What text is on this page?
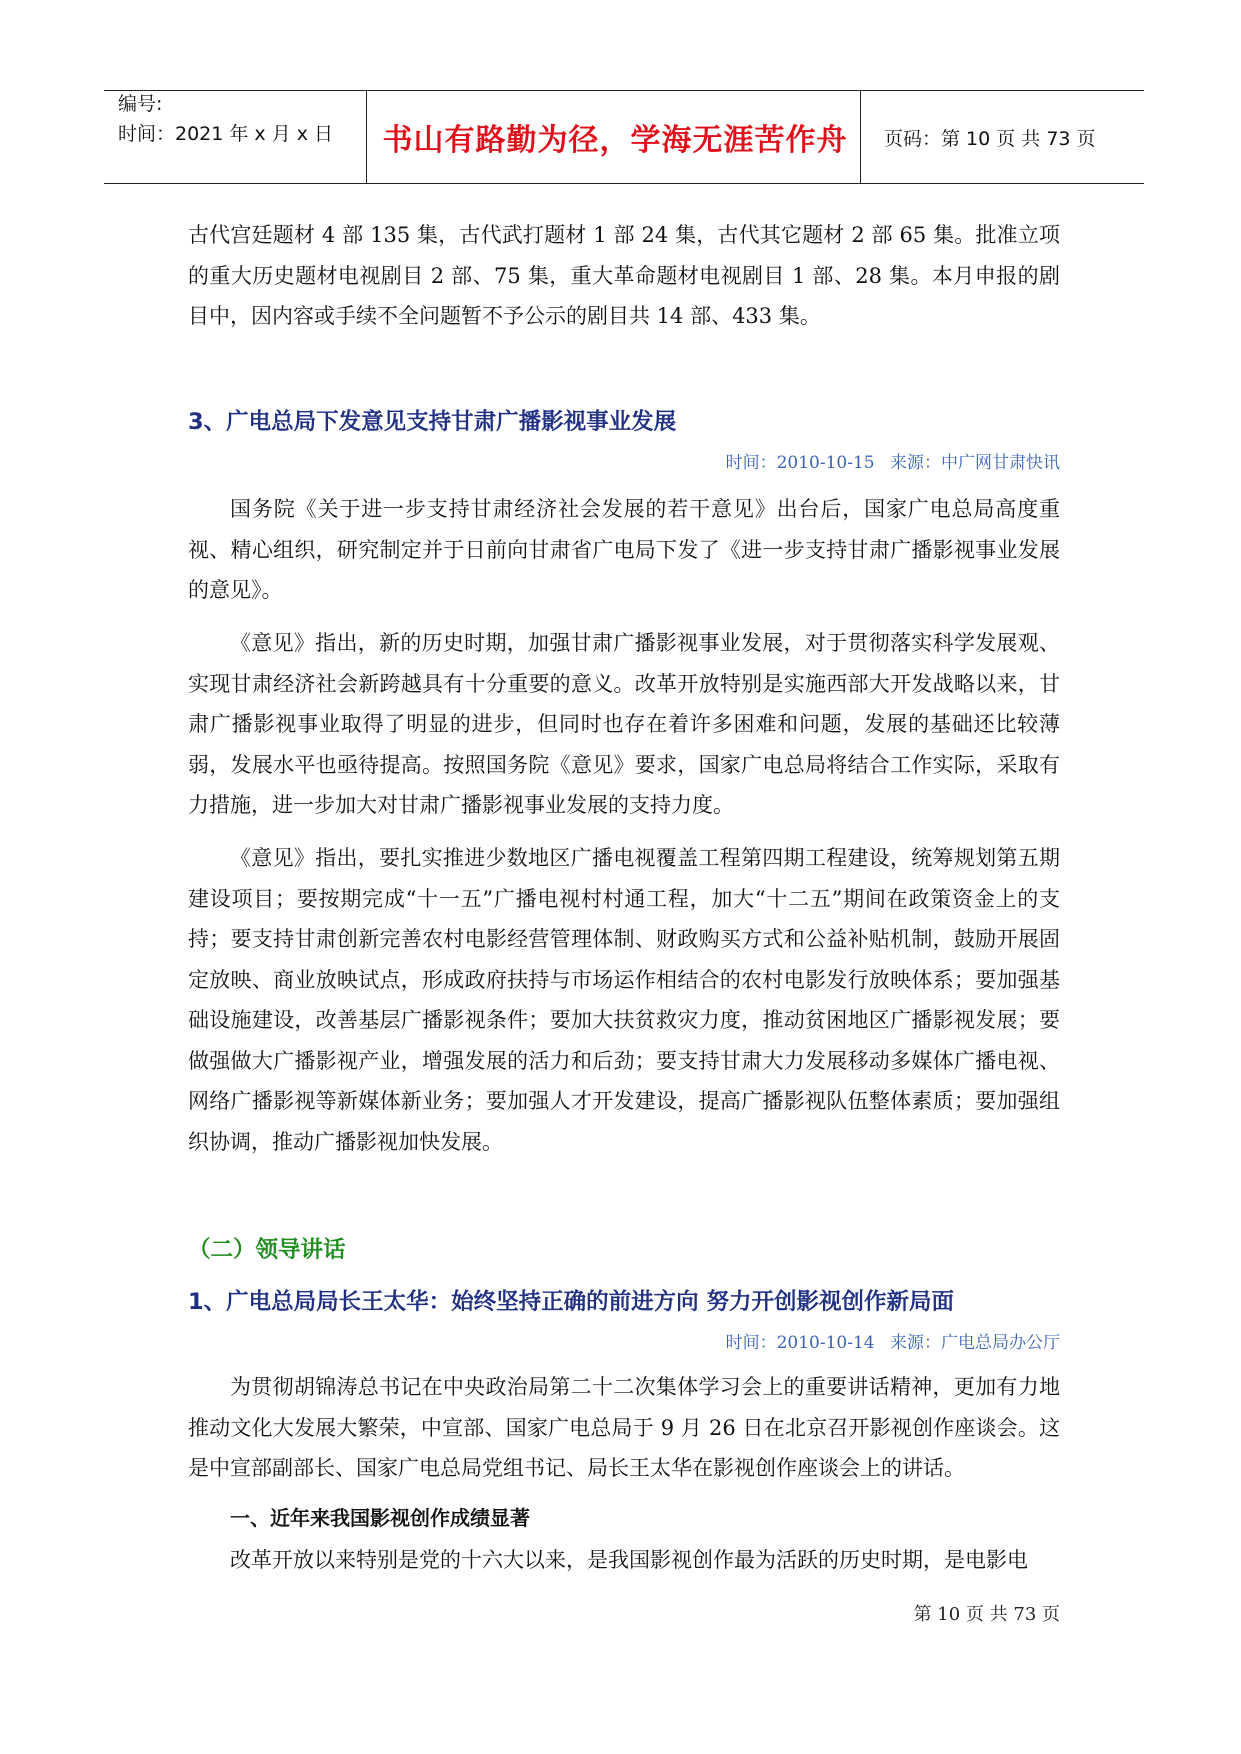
编号:
时间：2021 年 x 月 x 日	书山有路勤为径，学海无涯苦作舟	页码：第 10 页 共 73 页
古代宫廷题材 4 部 135 集，古代武打题材 1 部 24 集，古代其它题材 2 部 65 集。批准立项的重大历史题材电视剧目 2 部、75 集，重大革命题材电视剧目 1 部、28 集。本月申报的剧目中，因内容或手续不全问题暂不予公示的剧目共 14 部、433 集。
3、广电总局下发意见支持甘肃广播影视事业发展
时间：2010-10-15 来源：中广网甘肃快讯
国务院《关于进一步支持甘肃经济社会发展的若干意见》出台后，国家广电总局高度重视、精心组织，研究制定并于日前向甘肃省广电局下发了《进一步支持甘肃广播影视事业发展的意见》。
《意见》指出，新的历史时期，加强甘肃广播影视事业发展，对于贯彻落实科学发展观、实现甘肃经济社会新跨越具有十分重要的意义。改革开放特别是实施西部大开发战略以来，甘肃广播影视事业取得了明显的进步，但同时也存在着许多困难和问题，发展的基础还比较薄弱，发展水平也亟待提高。按照国务院《意见》要求，国家广电总局将结合工作实际，采取有力措施，进一步加大对甘肃广播影视事业发展的支持力度。
《意见》指出，要扎实推进少数地区广播电视覆盖工程第四期工程建设，统筹规划第五期建设项目；要按期完成“十一五”广播电视村村通工程，加大“十二五”期间在政策资金上的支持；要支持甘肃创新完善农村电影经营管理体制、财政购买方式和公益补贴机制，鼓励开展固定放映、商业放映试点，形成政府扶持与市场运作相结合的农村电影发行放映体系；要加强基础设施建设，改善基层广播影视条件；要加大扶贫救灾力度，推动贫困地区广播影视发展；要做强做大广播影视产业，增强发展的活力和后劲；要支持甘肃大力发展移动多媒体广播电视、网络广播影视等新媒体新业务；要加强人才开发建设，提高广播影视队伍整体素质；要加强组织协调，推动广播影视加快发展。
（二）领导讲话
1、广电总局局长王太华：始终坚持正确的前进方向 努力开创影视创作新局面
时间：2010-10-14 来源：广电总局办公厅
为贯彻胡锦涛总书记在中央政治局第二十二次集体学习会上的重要讲话精神，更加有力地推动文化大发展大繁荣，中宣部、国家广电总局于 9 月 26 日在北京召开影视创作座谈会。这是中宣部副部长、国家广电总局党组书记、局长王太华在影视创作座谈会上的讲话。
一、近年来我国影视创作成绩显著
改革开放以来特别是党的十六大以来，是我国影视创作最为活跃的历史时期，是电影电
第 10 页 共 73 页
